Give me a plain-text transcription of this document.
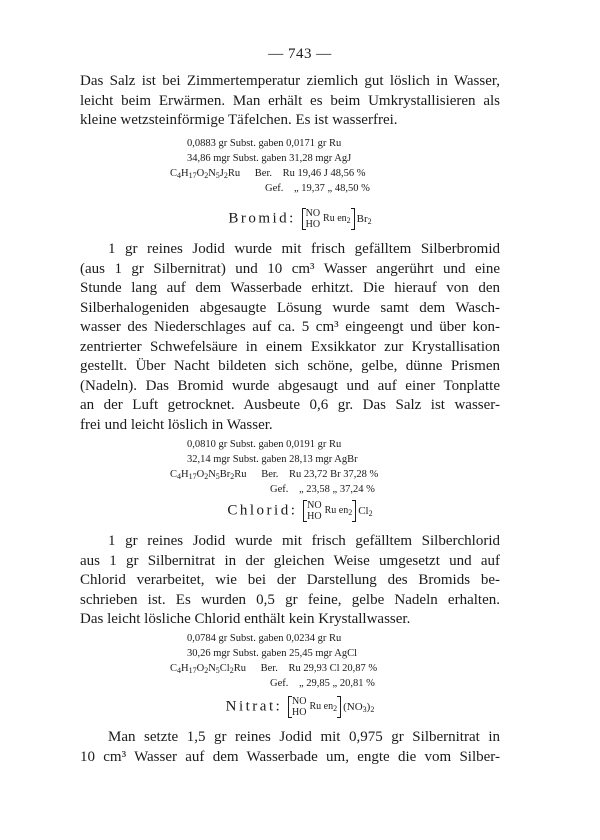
— 743 —
Das Salz ist bei Zimmertemperatur ziemlich gut löslich in Wasser,
leicht beim Erwärmen. Man erhält es beim Umkrystallisieren als
kleine wetzsteinförmige Täfelchen. Es ist wasserfrei.
0,0883 gr Subst. gaben 0,0171 gr Ru
34,86 mgr Subst. gaben 31,28 mgr AgJ
C4H17O2N5J2Ru Ber. Ru 19,46 J 48,56 %
Gef. „ 19,37 „ 48,50 %
Bromid: NO
HO
Ru $en_2$ $Br_2$
1 gr reines Jodid wurde mit frisch gefälltem Silberbromid
(aus 1 gr Silbernitrat) und 10 cm³ Wasser angerührt und eine
Stunde lang auf dem Wasserbade erhitzt. Die hierauf von den
Silberhalogeniden abgesaugte Lösung wurde samt dem Wasch-
wasser des Niederschlages auf ca. 5 cm³ eingeengt und über kon-
zentrierter Schwefelsäure in einem Exsikkator zur Krystallisation
gestellt. Über Nacht bildeten sich schöne, gelbe, dünne Prismen
(Nadeln). Das Bromid wurde abgesaugt und auf einer Tonplatte
an der Luft getrocknet. Ausbeute 0,6 gr. Das Salz ist wasser-
frei und leicht löslich in Wasser.
0,0810 gr Subst. gaben 0,0191 gr Ru
32,14 mgr Subst. gaben 28,13 mgr AgBr
C4H17O2N5Br2Ru Ber. Ru 23,72 Br 37,28 %
Gef. „ 23,58 „ 37,24 %
Chlorid: NO
HO
Ru $en_2$ $Cl_2$
1 gr reines Jodid wurde mit frisch gefälltem Silberchlorid
aus 1 gr Silbernitrat in der gleichen Weise umgesetzt und auf
Chlorid verarbeitet, wie bei der Darstellung des Bromids be-
schrieben ist. Es wurden 0,5 gr feine, gelbe Nadeln erhalten.
Das leicht lösliche Chlorid enthält kein Krystallwasser.
0,0784 gr Subst. gaben 0,0234 gr Ru
30,26 mgr Subst. gaben 25,45 mgr AgCl
C4H17O2N5Cl2Ru Ber. Ru 29,93 Cl 20,87 %
Gef. „ 29,85 „ 20,81 %
Nitrat: NO
HO
Ru $en_2$ $(NO_3)_2$
Man setzte 1,5 gr reines Jodid mit 0,975 gr Silbernitrat in
10 cm³ Wasser auf dem Wasserbade um, engte die vom Silber-
